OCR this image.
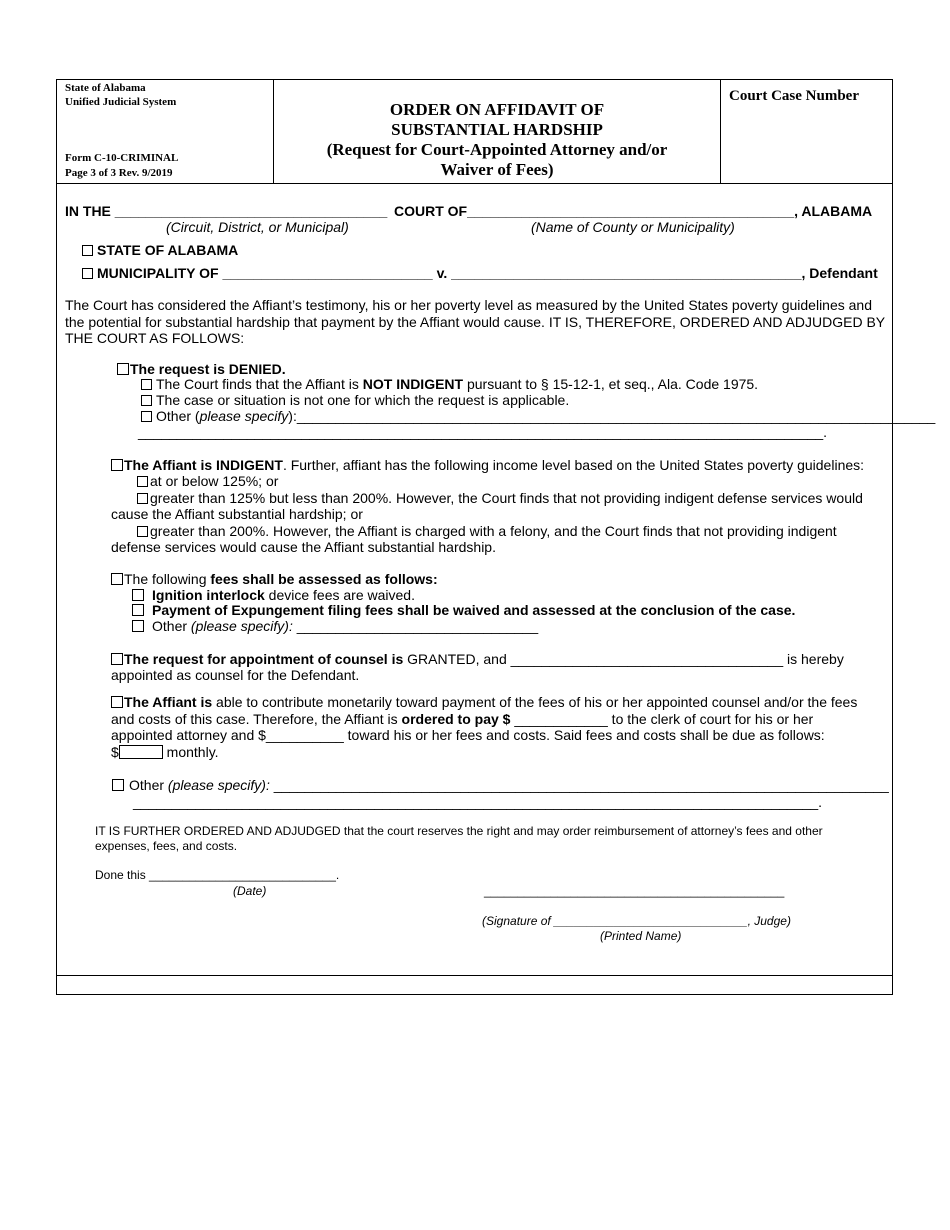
State of Alabama
Unified Judicial System
Form C-10-CRIMINAL
Page 3 of 3 Rev. 9/2019
ORDER ON AFFIDAVIT OF
SUBSTANTIAL HARDSHIP
(Request for Court-Appointed Attorney and/or
Waiver of Fees)
Court Case Number
IN THE ___________________________________ COURT OF__________________________________________, ALABAMA
(Circuit, District, or Municipal)	(Name of County or Municipality)
STATE OF ALABAMA
MUNICIPALITY OF ___________________________ v. _____________________________________________, Defendant
The Court has considered the Affiant’s testimony, his or her poverty level as measured by the United States poverty guidelines and the potential for substantial hardship that payment by the Affiant would cause. IT IS, THEREFORE, ORDERED AND ADJUDGED BY THE COURT AS FOLLOWS:
The request is DENIED.
The Court finds that the Affiant is NOT INDIGENT pursuant to § 15-12-1, et seq., Ala. Code 1975.
The case or situation is not one for which the request is applicable.
Other (please specify):__________________________________________________________________________________
________________________________________________________________________________________.
The Affiant is INDIGENT. Further, affiant has the following income level based on the United States poverty guidelines:
at or below 125%; or
greater than 125% but less than 200%. However, the Court finds that not providing indigent defense services would
cause the Affiant substantial hardship; or
greater than 200%. However, the Affiant is charged with a felony, and the Court finds that not providing indigent
defense services would cause the Affiant substantial hardship.
The following fees shall be assessed as follows:
Ignition interlock device fees are waived.
Payment of Expungement filing fees shall be waived and assessed at the conclusion of the case.
Other (please specify): _______________________________
The request for appointment of counsel is GRANTED, and ___________________________________ is hereby
appointed as counsel for the Defendant.
The Affiant is able to contribute monetarily toward payment of the fees of his or her appointed counsel and/or the fees
and costs of this case. Therefore, the Affiant is ordered to pay $ ____________ to the clerk of court for his or her
appointed attorney and $__________ toward his or her fees and costs. Said fees and costs shall be due as follows:
$	monthly.
Other (please specify): _______________________________________________________________________________
________________________________________________________________________________________.
IT IS FURTHER ORDERED AND ADJUDGED that the court reserves the right and may order reimbursement of attorney’s fees and other
expenses, fees, and costs.
Done this ____________________________.
(Date)	_____________________________________________
(Signature of _____________________________, Judge)
(Printed Name)
